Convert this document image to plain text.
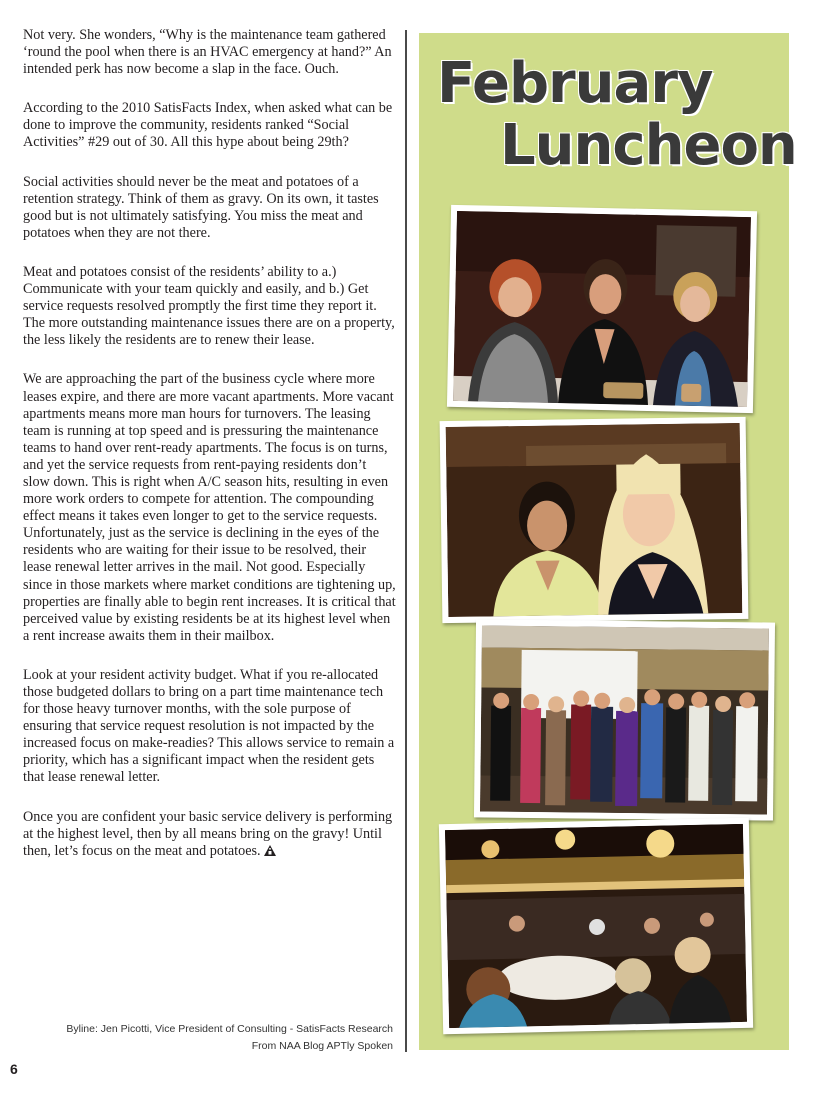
Not very. She wonders, “Why is the maintenance team gathered ‘round the pool when there is an HVAC emergency at hand?” An intended perk has now become a slap in the face. Ouch.

According to the 2010 SatisFacts Index, when asked what can be done to improve the community, residents ranked “Social Activities” #29 out of 30. All this hype about being 29th?

Social activities should never be the meat and potatoes of a retention strategy. Think of them as gravy. On its own, it tastes good but is not ultimately satisfying. You miss the meat and potatoes when they are not there.

Meat and potatoes consist of the residents’ ability to a.) Communicate with your team quickly and easily, and b.) Get service requests resolved promptly the first time they report it. The more outstanding maintenance issues there are on a property, the less likely the residents are to renew their lease.

We are approaching the part of the business cycle where more leases expire, and there are more vacant apartments. More vacant apartments means more man hours for turnovers. The leasing team is running at top speed and is pressuring the maintenance teams to hand over rent-ready apartments. The focus is on turns, and yet the service requests from rent-paying residents don’t slow down. This is right when A/C season hits, resulting in even more work orders to compete for attention. The compounding effect means it takes even longer to get to the service requests. Unfortunately, just as the service is declining in the eyes of the residents who are waiting for their issue to be resolved, their lease renewal letter arrives in the mail. Not good. Especially since in those markets where market conditions are tightening up, properties are finally able to begin rent increases. It is critical that perceived value by existing residents be at its highest level when a rent increase awaits them in their mailbox.

Look at your resident activity budget. What if you re-allocated those budgeted dollars to bring on a part time maintenance tech for those heavy turnover months, with the sole purpose of ensuring that service request resolution is not impacted by the increased focus on make-readies? This allows service to remain a priority, which has a significant impact when the resident gets that lease renewal letter.

Once you are confident your basic service delivery is performing at the highest level, then by all means bring on the gravy! Until then, let’s focus on the meat and potatoes.

Byline: Jen Picotti, Vice President of Consulting - SatisFacts Research
From NAA Blog APTly Spoken
February
Luncheon
6
